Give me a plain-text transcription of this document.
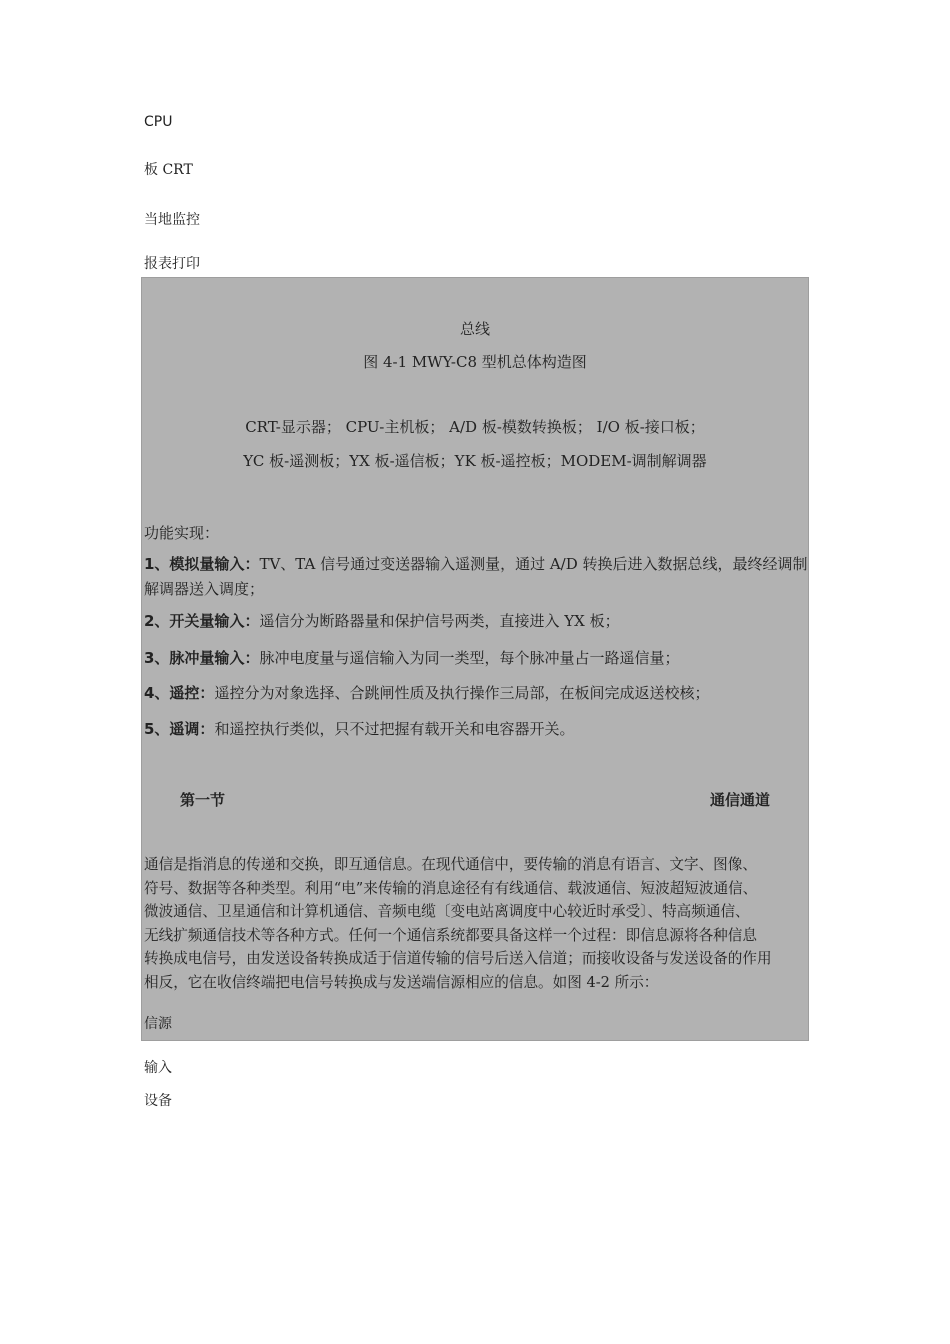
CPU
板 CRT
当地监控
报表打印
总线
图 4-1 MWY-C8 型机总体构造图
CRT-显示器； CPU-主机板； A/D 板-模数转换板； I/O 板-接口板；
YC 板-遥测板；YX 板-遥信板；YK 板-遥控板；MODEM-调制解调器
功能实现：
1、模拟量输入：TV、TA 信号通过变送器输入遥测量，通过 A/D 转换后进入数据总线，最终经调制解调器送入调度；
2、开关量输入：遥信分为断路器量和保护信号两类，直接进入 YX 板；
3、脉冲量输入：脉冲电度量与遥信输入为同一类型，每个脉冲量占一路遥信量；
4、遥控：遥控分为对象选择、合跳闸性质及执行操作三局部，在板间完成返送校核；
5、遥调：和遥控执行类似，只不过把握有载开关和电容器开关。
第一节	通信通道
通信是指消息的传递和交换，即互通信息。在现代通信中，要传输的消息有语言、文字、图像、
符号、数据等各种类型。利用“电”来传输的消息途径有有线通信、载波通信、短波超短波通信、
微波通信、卫星通信和计算机通信、音频电缆〔变电站离调度中心较近时承受〕、特高频通信、
无线扩频通信技术等各种方式。任何一个通信系统都要具备这样一个过程：即信息源将各种信息
转换成电信号，由发送设备转换成适于信道传输的信号后送入信道；而接收设备与发送设备的作用
相反，它在收信终端把电信号转换成与发送端信源相应的信息。如图 4-2 所示：
信源
输入
设备
